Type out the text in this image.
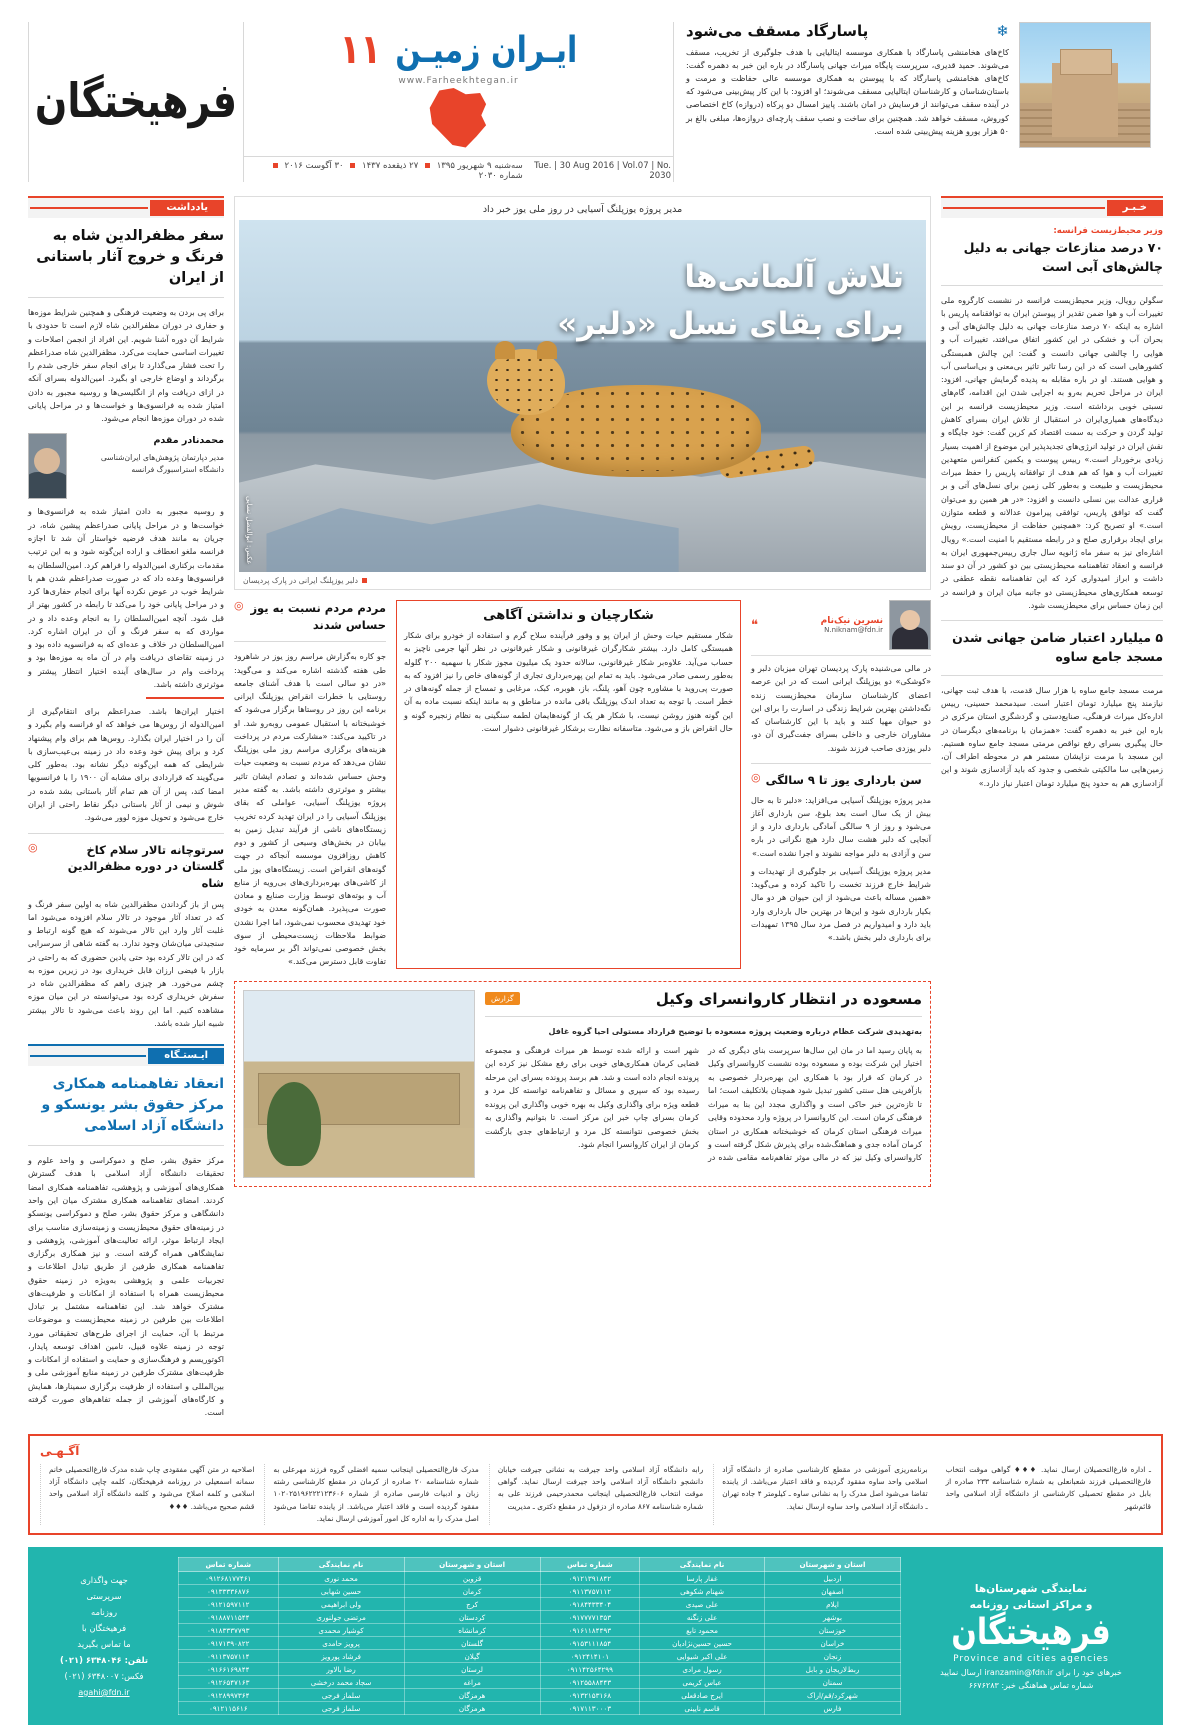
فرهیختگان
ایـران زمیـن
۱۱
www.Farheekhtegan.ir
Tue. | 30 Aug 2016 | Vol.07 | No. 2030
سه‌شنبه ۹ شهریور ۱۳۹۵  ۲۷ ذیقعده ۱۴۳۷  ۳۰ آگوست ۲۰۱۶  شماره ۲۰۳۰
❄
پاسارگاد مسقف می‌شود
کاخ‌های هخامنشی پاسارگاد با همکاری موسسه ایتالیایی با هدف جلوگیری از تخریب، مسقف می‌شوند. حمید قدیری، سرپرست پایگاه میراث جهانی پاسارگاد در باره این خبر به دهمره گفت: کاخ‌های هخامنشی پاسارگاد که با پیوستن به همکاری موسسه عالی حفاظت و مرمت و باستان‌شناسان و کارشناسان ایتالیایی مسقف می‌شوند؛ او افزود: با این کار پیش‌بینی می‌شود که در آینده سقف می‌توانند از فرسایش در امان باشند. پاییز امسال دو پرکاه (دروازه) کاخ اختصاصی کوروش، مسقف خواهد شد. همچنین برای ساخت و نصب سقف پارچه‌ای دروازه‌ها، مبلغی بالغ بر ۵۰ هزار یورو هزینه پیش‌بینی شده است.
یادداشت
سفر مظفرالدین شاه به فرنگ و خروج آثار باستانی از ایران
برای پی بردن به وضعیت فرهنگی و همچنین شرایط موزه‌ها و حفاری در دوران مظفرالدین شاه لازم است تا حدودی با شرایط آن دوره آشنا شویم. این افراد از انجمن اصلاحات و تغییرات اساسی حمایت می‌کرد. مظفرالدین شاه صدراعظم را تحت فشار می‌گذارد تا برای انجام سفر خارجی شدم را برگرداند و اوضاع خارجی او بگیرد. امین‌الدوله بسرای آنکه در ازای دریافت وام از انگلیسی‌ها و روسیه مجبور به دادن امتیاز شده به فرانسوی‌ها و خواست‌ها و در مراحل پایانی شده در دوران موزه‌ها انجام می‌شود.
محمدنادر مقدم
مدیر دپارتمان پژوهش‌های ایران‌شناسی دانشگاه استراسبورگ فرانسه
و روسیه مجبور به دادن امتیاز شده به فرانسوی‌ها و خواست‌ها و در مراحل پایانی صدراعظم پیشین شاه، در جریان به مانند هدف فرضیه خواستار آن شد تا اجازه فرانسه ملغو انعطاف و اراده این‌گونه شود و به این ترتیب مقدمات برکناری امین‌الدوله را فراهم کرد. امین‌السلطان به فرانسوی‌ها وعده داد که در صورت صدراعظم شدن هم با شرایط خوب در عوض نکرده آنها برای انجام حفاری‌ها کرد و در مراحل پایانی خود را می‌کند تا رابطه در کشور بهتر از قبل شود. آنچه امین‌السلطان را به انجام وعده داد و در مواردی که به سفر فرنگ و آن در ایران اشاره کرد. امین‌السلطان در خلاف و عده‌ای که به فرانسویه داده بود و در زمینه تقاضای دریافت وام در آن ماه به موزه‌ها بود و پرداخت وام در سال‌های آینده اختیار انتظار پیشتر و موثرتری داشته باشد.
اختیار ایران‌ها باشد. صدراعظم برای انتقام‌گیری از امین‌الدوله از روس‌ها می خواهد که او فرانسه وام بگیرد و آن را در اختیار ایران بگذارد. روس‌ها هم برای وام پیشنهاد کرد و برای پیش خود وعده داد در زمینه بی‌عیب‌سازی با شرایطی که همه این‌گونه دیگر نشانه بود. به‌طور کلی می‌گویند که قراردادی برای مشابه آن ۱۹۰۰ را با فرانسویها امضا کند، پس از آن هم تمام آثار باستانی بشد شده در شوش و نیمی از آثار باستانی دیگر نقاط راحتی از ایران خارج می‌شود و تحویل موزه لوور می‌شود.
◎	سرتوچانه تالار سلام کاخ گلستان در دوره مظفرالدین شاه
پس از باز گرداندن مظفرالدین شاه به اولین سفر فرنگ و که در تعداد آثار موجود در تالار سلام افزوده می‌شود اما غلبت آثار وارد این تالار می‌شوند که هیچ گونه ارتباط و سنجیدنی میان‌شان وجود ندارد. به گفته شاهی از سرسرایی که در این تالار کرده بود حتی یادین حضوری که به راحتی در بازار با فیضی ارزان قابل خریداری بود در زیرین موزه به چشم می‌خورد. هر چیزی راهم که مظفرالدین شاه در سفرش خریداری کرده بود می‌توانسته در این میان موزه مشاهده کنیم. اما این روند باعث می‌شود تا تالار بیشتر شبیه انبار شده باشد.
ایـستـگاه
انعقاد تفاهمنامه همکاری مرکز حقوق بشر یونسکو و دانشگاه آزاد اسلامی
مرکز حقوق بشر، صلح و دموکراسی و واحد علوم و تحقیقات دانشگاه آزاد اسلامی با هدف گسترش همکاری‌های آموزشی و پژوهشی، تفاهمنامه همکاری امضا کردند. امضای تفاهمنامه همکاری مشترک میان این واحد دانشگاهی و مرکز حقوق بشر، صلح و دموکراسی یونسکو در زمینه‌های حقوق محیط‌زیست و زمینه‌سازی مناسب برای ایجاد ارتباط موثر، ارائه تعالیت‌های آموزشی، پژوهشی و نمایشگاهی همراه گرفته است. و نیز همکاری برگزاری تفاهمنامه همکاری طرفین از طریق تبادل اطلاعات و تجربیات علمی و پژوهشی به‌ویژه در زمینه حقوق محیط‌زیست همراه با استفاده از امکانات و ظرفیت‌های مشترک خواهد شد. این تفاهمنامه مشتمل بر تبادل اطلاعات بین طرفین در زمینه محیط‌زیست و موضوعات مرتبط با آن، حمایت از اجرای طرح‌های تحقیقاتی مورد توجه در زمینه علاوه قبیل، تامین اهداف توسعه پایدار، اکوتوریسم و فرهنگ‌سازی و حمایت و استفاده از امکانات و ظرفیت‌های مشترک طرفین در زمینه منابع آموزشی ملی و بین‌المللی و استفاده از ظرفیت برگزاری سمینارها، همایش و کارگاه‌های آموزشی از جمله تفاهم‌های صورت گرفته است.
مدیر پروژه یوزپلنگ آسیایی در روز ملی یوز خبر داد
تلاش آلمانی‌ها
برای بقای نسل «دلبر»
عکس: ابوالفضل نسایی
دلبر یوزپلنگ ایرانی در پارک پردیسان
◎ مردم مردم نسبت به یوز حساس شدند
جو کاره به‌گزارش مراسم روز یوز در شاهرود طی هفته گذشته اشاره می‌کند و می‌گوید: «در دو سالی است با هدف آشنای جامعه روستایی با خطرات انقراض یوزپلنگ ایرانی برنامه این روز در روستاها برگزار می‌شود که خوشبختانه با استقبال عمومی روبه‌رو شد. او در تاکیید می‌کند: «مشارکت مردم در پرداخت هزینه‌های برگزاری مراسم روز ملی یوزپلنگ نشان می‌دهد که مردم نسبت به وضعیت حیات وحش حساس شده‌اند و تصادم ایشان تاثیر بیشتر و موثرتری داشته باشد. به گفته مدیر پروژه یوزپلنگ آسیایی، عواملی که بقای یوزپلنگ آسیایی را در ایران تهدید کرده تخریب زیستگاه‌های ناشی از فرآیند تبدیل زمین به بیابان در بخش‌های وسیعی از کشور و دوم کاهش روزافزون موسسه آنجاکه در جهت گونه‌های انقراض است. زیستگاه‌های یوز ملی از کاشی‌های بهره‌برداری‌های بی‌رویه از منابع آب و بوته‌های توسط وزارت صنایع و معادن صورت می‌پذیرد. همان‌گونه معدن به خودی خود تهدیدی محسوب نمی‌شود، اما اجرا نشدن ضوابط ملاحظات زیست‌محیطی از سوی بخش خصوصی نمی‌تواند اگر بر سرمایه خود تفاوت قابل دسترس می‌کند.»
شکارچیان و نداشتن آگاهی
شکار مستقیم حیات وحش از ایران پو و وفور فرآینده سلاح گرم و استفاده از خودرو برای شکار همبستگی کامل دارد. بیشتر شکارگران غیرقانونی و شکار غیرقانونی در نظر آنها جرمی ناچیز به حساب می‌آید. علاوه‌بر شکار غیرقانونی، سالانه حدود یک میلیون مجوز شکار با سهمیه ۲۰۰ گلوله به‌طور رسمی صادر می‌شود. باید به تمام این پهره‌برداری تجاری از گونه‌های خاص را نیز افزود که به صورت پی‌روید با مشاوره چون آهو، پلنگ، باز، هوبره، کبک، مرغابی و تمساح از جمله گونه‌های در خطر است. با توجه به تعداد اندک یوزپلنگ باقی مانده در مناطق و به مانند اینکه نسبت ماده به آن این گونه هنوز روشن نیست، با شکار هر یک از گونه‌هایمان لطمه سنگینی به نظام زنجیره گونه و حال انقراض باز و می‌شود. متاسفانه نظارت برشکار غیرقانونی دشوار است.
❝	نسرین نیک‌نام
N.niknam@fdn.ir
در مالی می‌شنیده پارک پردیسان تهران میزبان دلبر و «کوشکی» دو یوزپلنگ ایرانی است که در این عرصه اعضای کارشناسان سازمان محیط‌زیست زنده نگه‌داشتن بهترین شرایط زندگی در اسارت را برای این دو حیوان مهیا کنند و باید با این کارشناسان که مشاوران خارجی و داخلی بسرای جفت‌گیری آن دو، دلبر یوزدی صاحب فرزند شوند.
◎ سن بارداری یوز تا ۹ سالگی
مدیر پروژه یوزپلنگ آسیایی می‌افزاید: «دلبر تا به حال بیش از یک سال است بعد بلوغ، سن بارداری آغاز می‌شود و روز از ۹ سالگی آمادگی بارداری دارد و از آنجایی که دلبر هشت سال دارد هیچ نگرانی در باره سن و آزادی به دلبر مواجه نشوند و اجرا نشده است.»
مدیر پروژه یوزپلنگ آسیایی بر جلوگیری از تهدیدات و شرایط خارج فرزند تخست را تاکید کرده و می‌گوید: «همین مساله باعث می‌شود از این حیوان هر دو مال بکیار بارداری شود و این‌ها در بهترین حال بارداری وارد باید دارد و امیدواریم در فصل مرد سال ۱۳۹۵ تمهیدات برای بارداری دلبر بخش باشد.»
گزارش	مسعوده در انتظار کاروانسرای وکیل
به‌تهدیدی شرکت عظام درباره وضعیت پروژه مسعوده با توضیح قرارداد مستولی احیا گروه غافل
به پایان رسید اما در مان این سال‌ها سرپرست بنای دیگری که در اختیار این شرکت بوده و مسعوده بوده نشست کاروانسرای وکیل در کرمان که قرار بود با همکاری این بهره‌بردار خصوصی به بازآفرینی هتل سنتی کشور تبدیل شود همچنان بلاتکلیف است؛ اما تا تازه‌ترین خبر حاکی است و واگذاری مجدد این بنا به میراث فرهنگی کرمان است. این کاروانسرا در پروژه وارد محدوده وقایی میراث فرهنگی استان کرمان که خوشبختانه همکاری در استان کرمان آماده جدی و هماهنگ‌شده برای پذیرش شکل گرفته است و کاروانسرای وکیل نیز که در مالی موثر تفاهم‌نامه مقامی شده در شهر است و ارائه شده توسط هر میراث فرهنگی و مجموعه قضایی کرمان همکاری‌های خوبی برای رفع مشکل نیز کرده این پرونده انجام داده است و شد. هم برسد پرونده بسرای این مرحله رسیده بود که سپری و مسائل و تفاهم‌نامه توانسته کل مرد و قطعه ویژه برای واگذاری وکیل به بهره خوبی واگذاری این پرونده کرمان بسرای چاپ خبر این مرکز است. تا بتوانیم واگذاری به بخش خصوصی نتوانسته کل مرد و ارتباط‌های جدی بازگشت کرمان از ایران کاروانسرا انجام شود.
خـبـر
وزیر محیط‌زیست فرانسه:
۷۰ درصد منازعات جهانی به دلیل چالش‌های آبی است
سگولن رویال، وزیر محیط‌زیست فرانسه در نشست کارگروه ملی تغییرات آب و هوا ضمن تقدیر از پیوستن ایران به توافقنامه پاریس با اشاره به اینکه ۷۰ درصد منازعات جهانی به دلیل چالش‌های آبی و بحران آب و خشکی در این کشور اتفاق می‌افتد، تغییرات آب و هوایی را چالشی جهانی دانست و گفت: این چالش همبستگی کشورهایی است که در این رسا تاثیر تاثیر بی‌معنی و بی‌اساسی آب و هوایی هستند. او در باره مقابله به پدیده گرمایش جهانی، افزود: ایران در مراحل تحریم به‌رو به اجرایی شدن این اقدامه، گام‌های نسبتی خوبی برداشته است. وزیر محیط‌زیست فرانسه بر این دیدگاه‌های همیاری‌ایران در استقبال از تلاش ایران بسرای کاهش تولید گردن و حرکت به سمت اقتصاد کم کربن گفت: خود جایگاه و نقش ایران در تولید انرژی‌های تجدیدپذیر این موضوع از اهمیت بسیار زیادی برخوردار است.» رییس پیوست و یکمین کنفرانس متعهدین تغییرات آب و هوا که هم هدف از توافقانه پاریس را حفظ میراث محیط‌زیست و طبیعت و به‌طور کلی زمین برای نسل‌های آتی و بر قراری عدالت بین نسلی دانست و افزود: «در هر همین رو می‌توان گفت که توافق پاریس، توافقی پیرامون عدالانه و قطعه متوازن است.» او تصریح کرد: «همچنین حفاظت از محیط‌زیست، رویش برای ایجاد برقراری صلح و در رابطه مستقیم با امنیت است.» رویال اشاره‌ای نیز به سفر ماه ژانویه سال جاری رییس‌جمهوری ایران به فرانسه و انعقاد تفاهمنامه محیط‌زیستی بین دو کشور در آن دو سند داشت و ابراز امیدواری کرد که این تفاهمنامه نقطه عطفی در توسعه همکاری‌های محیط‌زیستی دو جانبه میان ایران و فرانسه در این زمان حساس برای محیط‌زیست شود.
۵ میلیارد اعتبار ضامن جهانی شدن مسجد جامع ساوه
مرمت مسجد جامع ساوه با هزار سال قدمت، با هدف ثبت جهانی، نیازمند پنج میلیارد تومان اعتبار است. سیدمحمد حسینی، رییس اداره‌کل میراث فرهنگی، صنایع‌دستی و گردشگری استان مرکزی در باره این خبر به دهمره گفت: «همزمان با برنامه‌های دیگرسان در حال پیگیری بسرای رفع نواقص مرمتی مسجد جامع ساوه هستیم. این مسجد با مرمت نزایشان مستمر هم در محوطه اطراف آن، زمین‌هایی سا مالکیتی شخصی و جدود که باید آزادسازی شوند و این آزادسازی هم به حدود پنج میلیارد تومان اعتبار نیاز دارد.»
آگـهـی
اصلاحیه در متن آگهی مفقودی چاپ شده مدرک فارغ‌التحصیلی خانم سمانه اسمعیلی در روزنامه فرهیختگان، کلمه چاپی دانشگاه آزاد اسلامی و کلمه اصلاح می‌شود و کلمه دانشگاه آزاد اسلامی واحد قشم صحیح می‌باشد. ♦♦♦
مدرک فارغ‌التحصیلی اینجانب سمیه افضلی گروه فرزند مهرعلی به شماره شناسنامه ۲۰ صادره از کرمان در مقطع کارشناسی رشته زبان و ادبیات فارسی صادره از شماره ۱۰۲۰۲۵۱۹۶۲۲۲۱۲۳۶۰۶ مفقود گردیده است و فاقد اعتبار می‌باشد. از یابنده تقاضا می‌شود اصل مدرک را به اداره کل امور آموزشی ارسال نماید.
رابه دانشگاه آزاد اسلامی واحد جیرفت به نشانی جیرفت خیابان دانشجو دانشگاه آزاد اسلامی واحد جیرفت ارسال نماید. گواهی موقت انتخاب فارغ‌التحصیلی اینجانب محمدرحیمی فرزند علی به شماره شناسنامه ۸۶۷ صادره از دزفول در مقطع دکتری ـ مدیریت
برنامه‌ریزی آموزشی در مقطع کارشناسی صادره از دانشگاه آزاد اسلامی واحد ساوه مفقود گردیده و فاقد اعتبار می‌باشد. از یابنده تقاضا می‌شود اصل مدرک را به نشانی ساوه ـ کیلومتر ۴ جاده تهران ـ دانشگاه آزاد اسلامی واحد ساوه ارسال نماید.
ـ اداره فارغ‌التحصیلان ارسال نماید. ♦♦♦ گواهی موقت انتخاب فارغ‌التحصیلی فرزند شعبانعلی به شماره شناسنامه ۲۳۳ صادره از بابل در مقطع تحصیلی کارشناسی از دانشگاه آزاد اسلامی واحد قائم‌شهر
جهت واگذاری
سرپرستی
روزنامه
فرهیختگان با
ما تماس بگیرید
تلفن: ۶۳۴۸۰۴۶ (۰۲۱)
فکس: ۶۳۴۸۰۰۷ (۰۲۱)
agahi@fdn.ir
استان و شهرستان	نام نمایندگی	شماره تماس	استان و شهرستان	نام نمایندگی	شماره تماس
اردبیل	غفار پارسا	۰۹۱۲۱۳۹۱۸۴۲	قزوین	محمد نوری	۰۹۱۲۶۸۱۷۷۴۶۱
اصفهان	شهنام شکوهی	۰۹۱۱۳۷۵۷۱۱۲	کرمان	حسین شهابی	۰۹۱۳۳۳۳۶۸۷۶
ایلام	علی صیدی	۰۹۱۸۴۴۳۳۴۰۴	کرج	ولی ابراهیمی	۰۹۱۲۱۵۹۷۱۱۲
بوشهر	علی زنگنه	۰۹۱۷۷۷۷۱۳۵۳	کردستان	مرتضی جولنوری	۰۹۱۸۸۷۱۱۵۴۴
خوزستان	محمود تابع	۰۹۱۶۱۱۸۴۴۹۳	کرمانشاه	کوشیار محمدی	۰۹۱۸۳۳۳۷۷۹۳
خراسان	حسین حسین‌نژادیان	۰۹۱۵۳۱۱۱۸۵۴	گلستان	پرویز حامدی	۰۹۱۷۱۳۹۰۸۲۲
زنجان	علی اکبر شیوایی	۰۹۱۲۴۱۴۱۰۱	گیلان	فرشاد پورویز	۰۹۱۱۳۷۵۷۱۱۴
ربط‌لاریجان و بابل	رسول مرادی	۰۹۱۱۴۲۵۶۴۲۹۹	لرستان	رضا بالاور	۰۹۱۶۶۱۶۹۸۴۴
سمنان	عباس کریمی	۰۹۱۲۵۵۸۸۴۴۳	مراغه	سجاد محمد درخشی	۰۹۱۲۶۵۴۷۱۶۳
شهرکرد/قم/اراک	ایرج صادقعلی	۰۹۱۳۲۱۵۳۱۶۸	هرمزگان	سلماز فرجی	۰۹۱۲۸۹۹۷۳۶۴
فارس	قاسم نایینی	۰۹۱۷۱۱۳۰۰۰۳	هرمزگان	سلماز فرجی	۰۹۱۲۱۱۵۶۱۶
نمایندگی شهرستان‌ها
و مراکز استانی روزنامه
فرهیختگان
Province and cities agencies
خبرهای خود را برای iranzamin@fdn.ir ارسال نمایید
شماره تماس هماهنگی خبر: ۶۶۷۶۲۸۳
